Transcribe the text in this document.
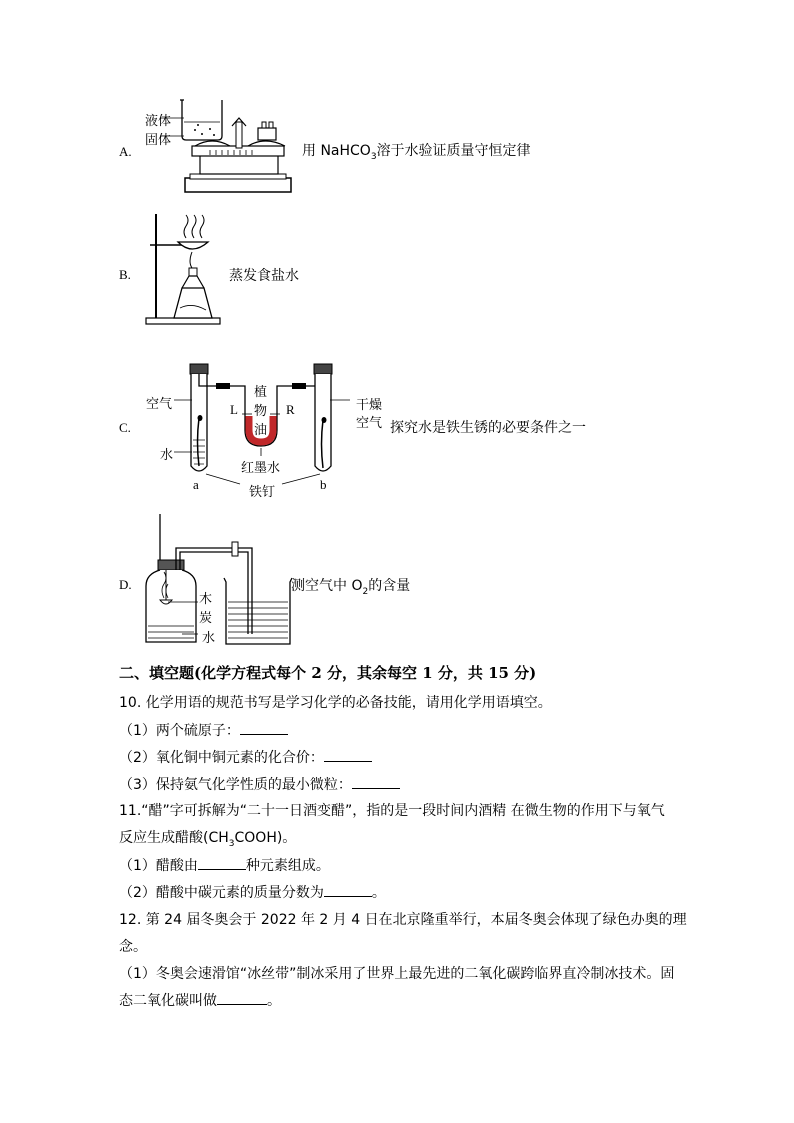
A.
液体
固体
用 NaHCO$_3$溶于水验证质量守恒定律
B.	蒸发食盐水
C.
空气
水
植
物
油
L	R	干燥
空气
红墨水
a	b
铁钉
探究水是铁生锈的必要条件之一
D.
木
炭
水
测空气中 $O_2$的含量
二、填空题(化学方程式每个 2 分，其余每空 1 分，共 15 分)
10. 化学用语的规范书写是学习化学的必备技能，请用化学用语填空。
（1）两个硫原子：
（2）氧化铜中铜元素的化合价：
（3）保持氨气化学性质的最小微粒：
11.“醋”字可拆解为“二十一日酒变醋”，指的是一段时间内酒精 在微生物的作用下与氧气
反应生成醋酸$(CH_3COOH)$。
（1）醋酸由	种元素组成。
（2）醋酸中碳元素的质量分数为	。
12. 第 24 届冬奥会于 2022 年 2 月 4 日在北京隆重举行，本届冬奥会体现了绿色办奥的理
念。
（1）冬奥会速滑馆“冰丝带”制冰采用了世界上最先进的二氧化碳跨临界直冷制冰技术。固
态二氧化碳叫做	。
